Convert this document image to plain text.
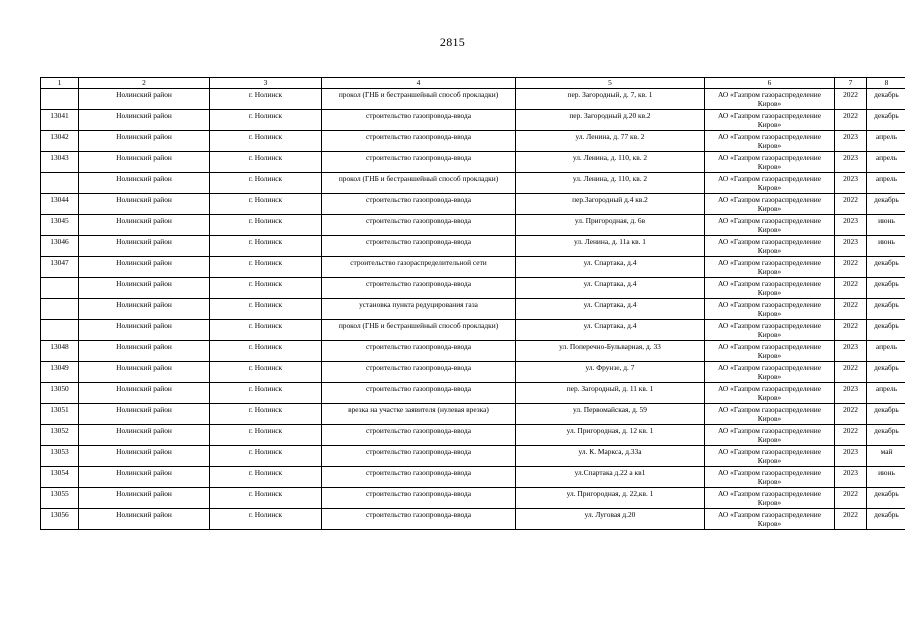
2815
1	2	3	4	5	6	7	8
	Нолинский район	г. Нолинск	прокол (ГНБ и бестраншейный способ прокладки)	пер. Загородный, д. 7, кв. 1	АО «Газпром газораспределение Киров»	2022	декабрь
13041	Нолинский район	г. Нолинск	строительство газопровода-ввода	пер. Загородный д.20 кв.2	АО «Газпром газораспределение Киров»	2022	декабрь
13042	Нолинский район	г. Нолинск	строительство газопровода-ввода	ул. Ленина, д. 77 кв. 2	АО «Газпром газораспределение Киров»	2023	апрель
13043	Нолинский район	г. Нолинск	строительство газопровода-ввода	ул. Ленина, д. 110, кв. 2	АО «Газпром газораспределение Киров»	2023	апрель
	Нолинский район	г. Нолинск	прокол (ГНБ и бестраншейный способ прокладки)	ул. Ленина, д. 110, кв. 2	АО «Газпром газораспределение Киров»	2023	апрель
13044	Нолинский район	г. Нолинск	строительство газопровода-ввода	пер.Загородный д.4 кв.2	АО «Газпром газораспределение Киров»	2022	декабрь
13045	Нолинский район	г. Нолинск	строительство газопровода-ввода	ул. Пригородная, д. 6в	АО «Газпром газораспределение Киров»	2023	июнь
13046	Нолинский район	г. Нолинск	строительство газопровода-ввода	ул. Ленина, д. 11а кв. 1	АО «Газпром газораспределение Киров»	2023	июнь
13047	Нолинский район	г. Нолинск	строительство газораспределительной сети	ул. Спартака, д.4	АО «Газпром газораспределение Киров»	2022	декабрь
	Нолинский район	г. Нолинск	строительство газопровода-ввода	ул. Спартака, д.4	АО «Газпром газораспределение Киров»	2022	декабрь
	Нолинский район	г. Нолинск	установка пункта редуцирования газа	ул. Спартака, д.4	АО «Газпром газораспределение Киров»	2022	декабрь
	Нолинский район	г. Нолинск	прокол (ГНБ и бестраншейный способ прокладки)	ул. Спартака, д.4	АО «Газпром газораспределение Киров»	2022	декабрь
13048	Нолинский район	г. Нолинск	строительство газопровода-ввода	ул. Поперечно-Бульварная, д. 33	АО «Газпром газораспределение Киров»	2023	апрель
13049	Нолинский район	г. Нолинск	строительство газопровода-ввода	ул. Фрунзе, д. 7	АО «Газпром газораспределение Киров»	2022	декабрь
13050	Нолинский район	г. Нолинск	строительство газопровода-ввода	пер. Загородный, д. 11 кв. 1	АО «Газпром газораспределение Киров»	2023	апрель
13051	Нолинский район	г. Нолинск	врезка на участке заявителя (нулевая врезка)	ул. Первомайская, д. 59	АО «Газпром газораспределение Киров»	2022	декабрь
13052	Нолинский район	г. Нолинск	строительство газопровода-ввода	ул. Пригородная, д. 12 кв. 1	АО «Газпром газораспределение Киров»	2022	декабрь
13053	Нолинский район	г. Нолинск	строительство газопровода-ввода	ул. К. Маркса, д.33а	АО «Газпром газораспределение Киров»	2023	май
13054	Нолинский район	г. Нолинск	строительство газопровода-ввода	ул.Спартака д.22 а кв1	АО «Газпром газораспределение Киров»	2023	июнь
13055	Нолинский район	г. Нолинск	строительство газопровода-ввода	ул. Пригородная, д. 22,кв. 1	АО «Газпром газораспределение Киров»	2022	декабрь
13056	Нолинский район	г. Нолинск	строительство газопровода-ввода	ул. Луговая д.20	АО «Газпром газораспределение Киров»	2022	декабрь
